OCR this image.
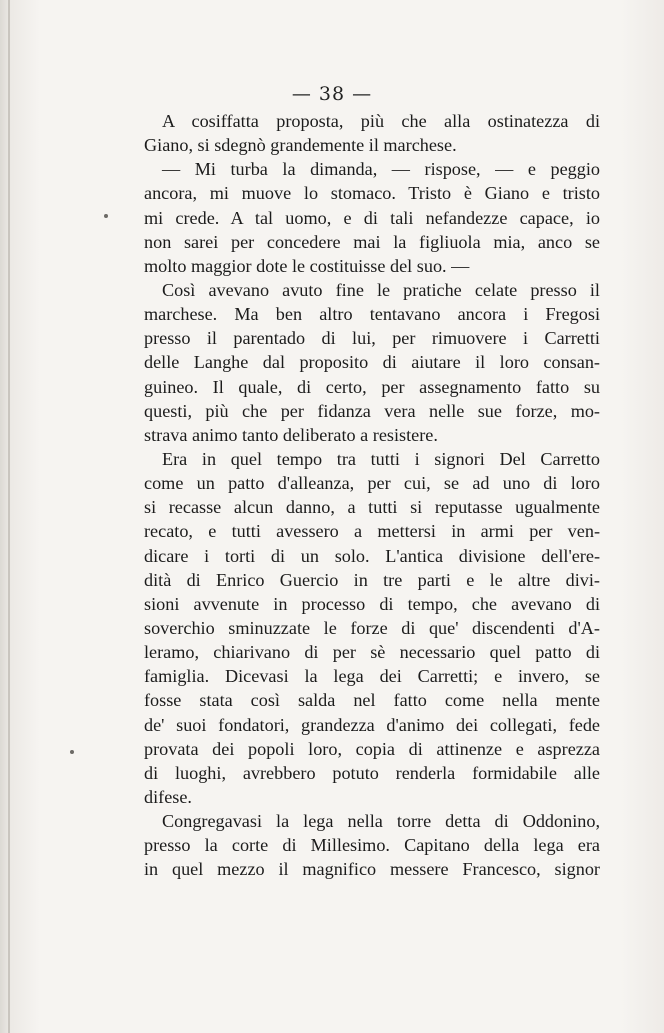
— 38 —
A cosiffatta proposta, più che alla ostinatezza di
Giano, si sdegnò grandemente il marchese.
— Mi turba la dimanda, — rispose, — e peggio
ancora, mi muove lo stomaco. Tristo è Giano e tristo
mi crede. A tal uomo, e di tali nefandezze capace, io
non sarei per concedere mai la figliuola mia, anco se
molto maggior dote le costituisse del suo. —
Così avevano avuto fine le pratiche celate presso il
marchese. Ma ben altro tentavano ancora i Fregosi
presso il parentado di lui, per rimuovere i Carretti
delle Langhe dal proposito di aiutare il loro consan-
guineo. Il quale, di certo, per assegnamento fatto su
questi, più che per fidanza vera nelle sue forze, mo-
strava animo tanto deliberato a resistere.
Era in quel tempo tra tutti i signori Del Carretto
come un patto d'alleanza, per cui, se ad uno di loro
si recasse alcun danno, a tutti si reputasse ugualmente
recato, e tutti avessero a mettersi in armi per ven-
dicare i torti di un solo. L'antica divisione dell'ere-
dità di Enrico Guercio in tre parti e le altre divi-
sioni avvenute in processo di tempo, che avevano di
soverchio sminuzzate le forze di que' discendenti d'A-
leramo, chiarivano di per sè necessario quel patto di
famiglia. Dicevasi la lega dei Carretti; e invero, se
fosse stata così salda nel fatto come nella mente
de' suoi fondatori, grandezza d'animo dei collegati, fede
provata dei popoli loro, copia di attinenze e asprezza
di luoghi, avrebbero potuto renderla formidabile alle
difese.
Congregavasi la lega nella torre detta di Oddonino,
presso la corte di Millesimo. Capitano della lega era
in quel mezzo il magnifico messere Francesco, signor
